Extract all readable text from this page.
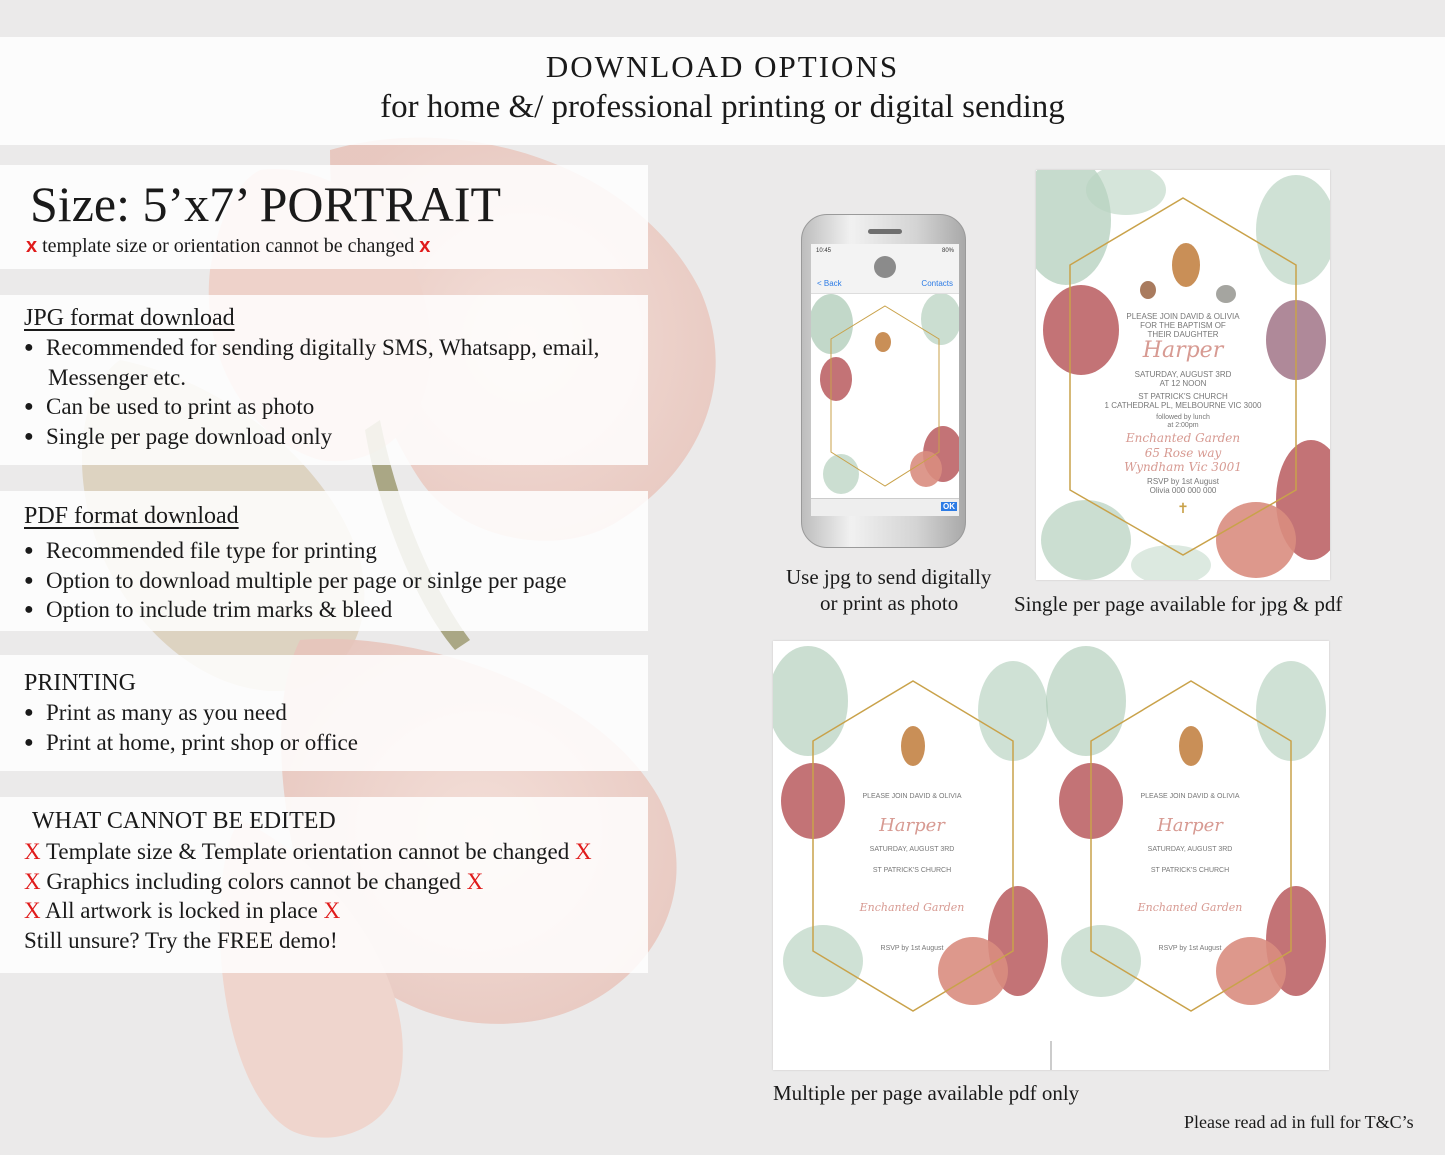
DOWNLOAD OPTIONS
for home &/ professional printing or digital sending
Size: 5’x7’ PORTRAIT
x template size or orientation cannot be changed x
JPG format download
● Recommended for sending digitally SMS, Whatsapp, email,
Messenger etc.
● Can be used to print as photo
● Single per page download only
PDF format download
● Recommended file type for printing
● Option to download multiple per page or sinlge per page
● Option to include trim marks & bleed
PRINTING
● Print as many as you need
● Print at home, print shop or office
WHAT CANNOT BE EDITED
X Template size & Template orientation cannot be changed X
X Graphics including colors cannot be changed X
X All artwork is locked in place X
Still unsure? Try the FREE demo!
10:45	80%
< Back	Contacts
OK
Use jpg to send digitally
or print as photo
PLEASE JOIN DAVID & OLIVIA
FOR THE BAPTISM OF
THEIR DAUGHTER
Harper
SATURDAY, AUGUST 3RD
AT 12 NOON
ST PATRICK'S CHURCH
1 CATHEDRAL PL, MELBOURNE VIC 3000
followed by lunch
at 2:00pm
Enchanted Garden
65 Rose way
Wyndham Vic 3001
RSVP by 1st August
Olivia 000 000 000
✝
Single per page available for jpg & pdf
PLEASE JOIN DAVID & OLIVIA
Harper
SATURDAY, AUGUST 3RD
ST PATRICK'S CHURCH
Enchanted Garden
RSVP by 1st August
PLEASE JOIN DAVID & OLIVIA
Harper
SATURDAY, AUGUST 3RD
ST PATRICK'S CHURCH
Enchanted Garden
RSVP by 1st August
Multiple per page available pdf only
Please read ad in full for T&C’s
